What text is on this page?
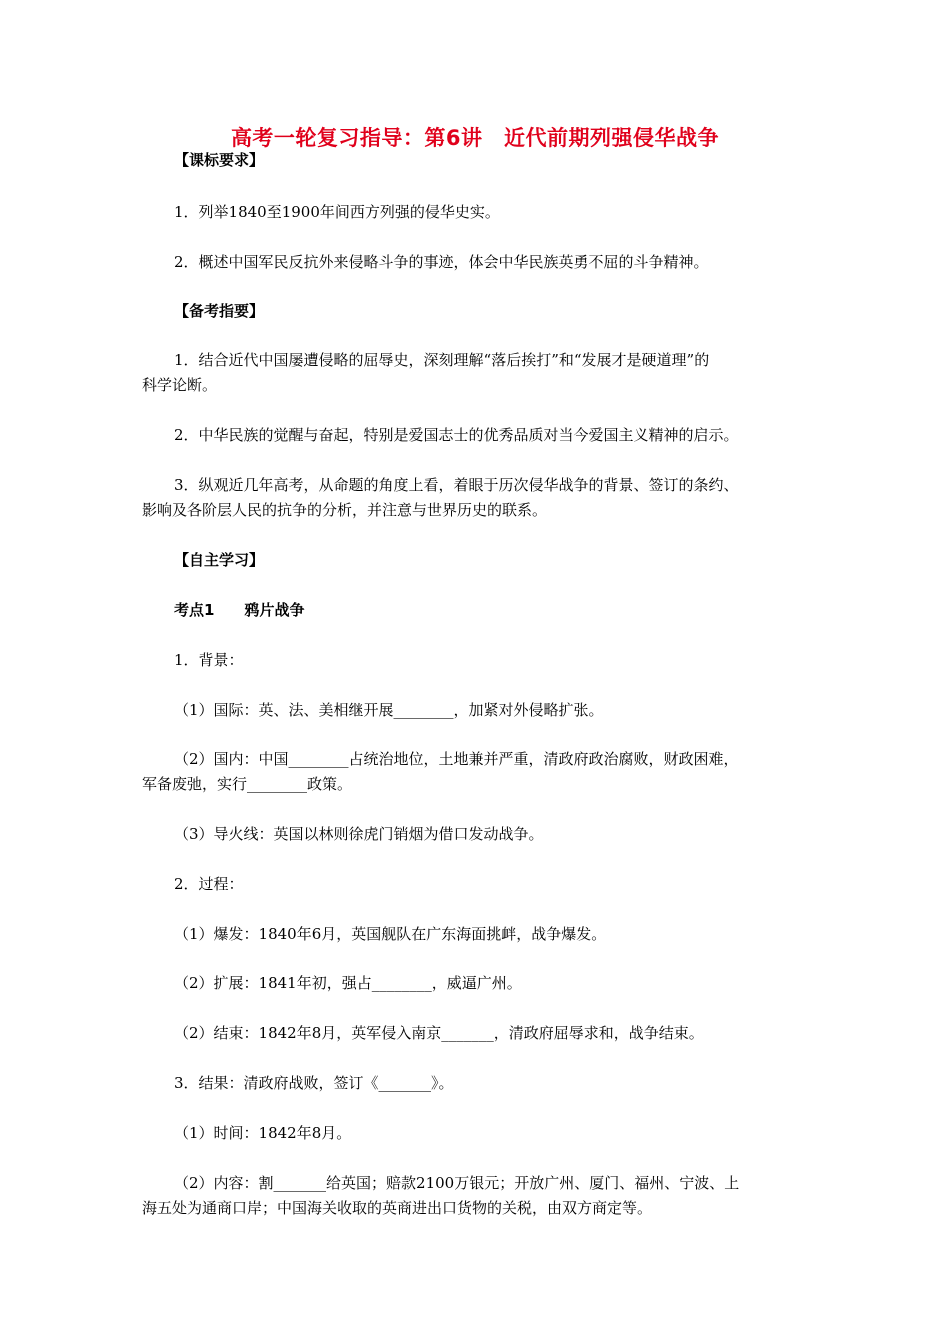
高考一轮复习指导：第6讲　近代前期列强侵华战争
【课标要求】
1．列举1840至1900年间西方列强的侵华史实。
2．概述中国军民反抗外来侵略斗争的事迹，体会中华民族英勇不屈的斗争精神。
【备考指要】
1．结合近代中国屡遭侵略的屈辱史，深刻理解“落后挨打”和“发展才是硬道理”的
科学论断。
2．中华民族的觉醒与奋起，特别是爱国志士的优秀品质对当今爱国主义精神的启示。
3．纵观近几年高考，从命题的角度上看，着眼于历次侵华战争的背景、签订的条约、
影响及各阶层人民的抗争的分析，并注意与世界历史的联系。
【自主学习】
考点1　　鸦片战争
1．背景：
（1）国际：英、法、美相继开展________，加紧对外侵略扩张。
（2）国内：中国________占统治地位，土地兼并严重，清政府政治腐败，财政困难，
军备废弛，实行________政策。
（3）导火线：英国以林则徐虎门销烟为借口发动战争。
2．过程：
（1）爆发：1840年6月，英国舰队在广东海面挑衅，战争爆发。
（2）扩展：1841年初，强占________，威逼广州。
（2）结束：1842年8月，英军侵入南京_______，清政府屈辱求和，战争结束。
3．结果：清政府战败，签订《_______》。
（1）时间：1842年8月。
（2）内容：割_______给英国；赔款2100万银元；开放广州、厦门、福州、宁波、上
海五处为通商口岸；中国海关收取的英商进出口货物的关税，由双方商定等。
